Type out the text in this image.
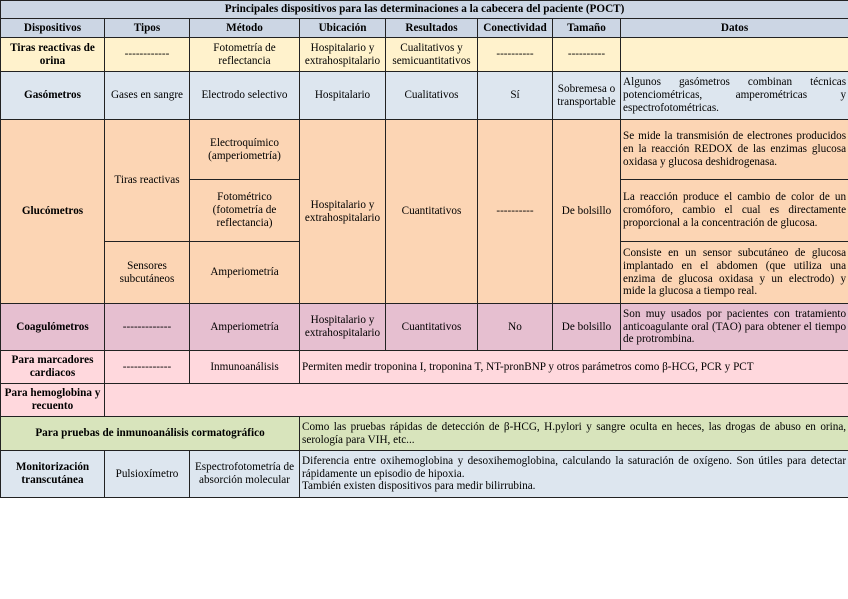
Principales dispositivos para las determinaciones a la cabecera del paciente (POCT)							
Dispositivos	Tipos	Método	Ubicación	Resultados	Conectividad	Tamaño	Datos
Tiras reactivas de orina	------------	Fotometría de reflectancia	Hospitalario y extrahospitalario	Cualitativos y semicuantitativos	----------	----------	
Gasómetros	Gases en sangre	Electrodo selectivo	Hospitalario	Cualitativos	Sí	Sobremesa o transportable	Algunos gasómetros combinan técnicas potenciométricas, amperométricas y espectrofotométricas.
Glucómetros	Tiras reactivas	Electroquímico (amperiometría)	Hospitalario y extrahospitalario	Cuantitativos	----------	De bolsillo	Se mide la transmisión de electrones producidos en la reacción REDOX de las enzimas glucosa oxidasa y glucosa deshidrogenasa.
		Fotométrico (fotometría de reflectancia)					La reacción produce el cambio de color de un cromóforo, cambio el cual es directamente proporcional a la concentración de glucosa.
	Sensores subcutáneos	Amperiometría					Consiste en un sensor subcutáneo de glucosa implantado en el abdomen (que utiliza una enzima de glucosa oxidasa y un electrodo) y mide la glucosa a tiempo real.
Coagulómetros	-------------	Amperiometría	Hospitalario y extrahospitalario	Cuantitativos	No	De bolsillo	Son muy usados por pacientes con tratamiento anticoagulante oral (TAO) para obtener el tiempo de protrombina.
Para marcadores cardiacos	-------------	Inmunoanálisis	Permiten medir troponina I, troponina T, NT-pronBNP y otros parámetros como β-HCG, PCR y PCT				
Para hemoglobina y recuento							
Para pruebas de inmunoanálisis cormatográfico			Como las pruebas rápidas de detección de β-HCG, H.pylori y sangre oculta en heces, las drogas de abuso en orina, serología para VIH, etc...				
Monitorización transcutánea	Pulsioxímetro	Espectrofotometría de absorción molecular	Diferencia entre oxihemoglobina y desoxihemoglobina, calculando la saturación de oxígeno. Son útiles para detectar rápidamente un episodio de hipoxia.
También existen dispositivos para medir bilirrubina.				
